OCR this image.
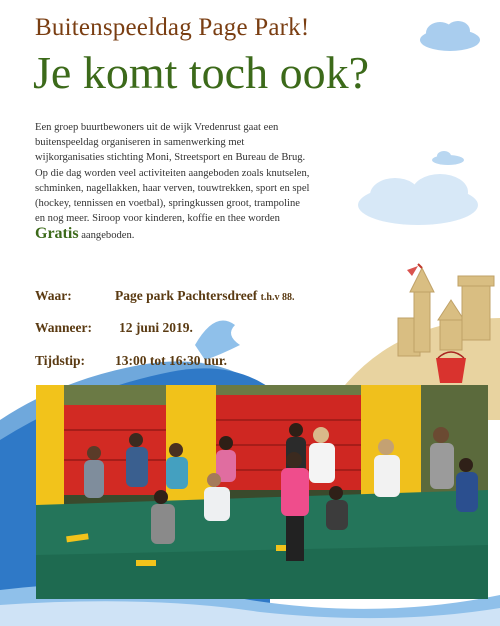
Buitenspeeldag Page Park!
Je komt toch ook?
Een groep buurtbewoners uit de wijk Vredenrust gaat een buitenspeeldag organiseren in samenwerking met wijkorganisaties stichting Moni, Streetsport en Bureau de Brug. Op die dag worden veel activiteiten aangeboden zoals knutselen, schminken, nagellakken, haar verven, touwtrekken, sport en spel (hockey, tennissen en voetbal), springkussen groot, trampoline en nog meer. Siroop voor kinderen, koffie en thee worden Gratis aangeboden.
Waar:	Page park Pachtersdreef t.h.v 88.
Wanneer: 12 juni 2019.
Tijdstip: 13:00 tot 16:30 uur.
